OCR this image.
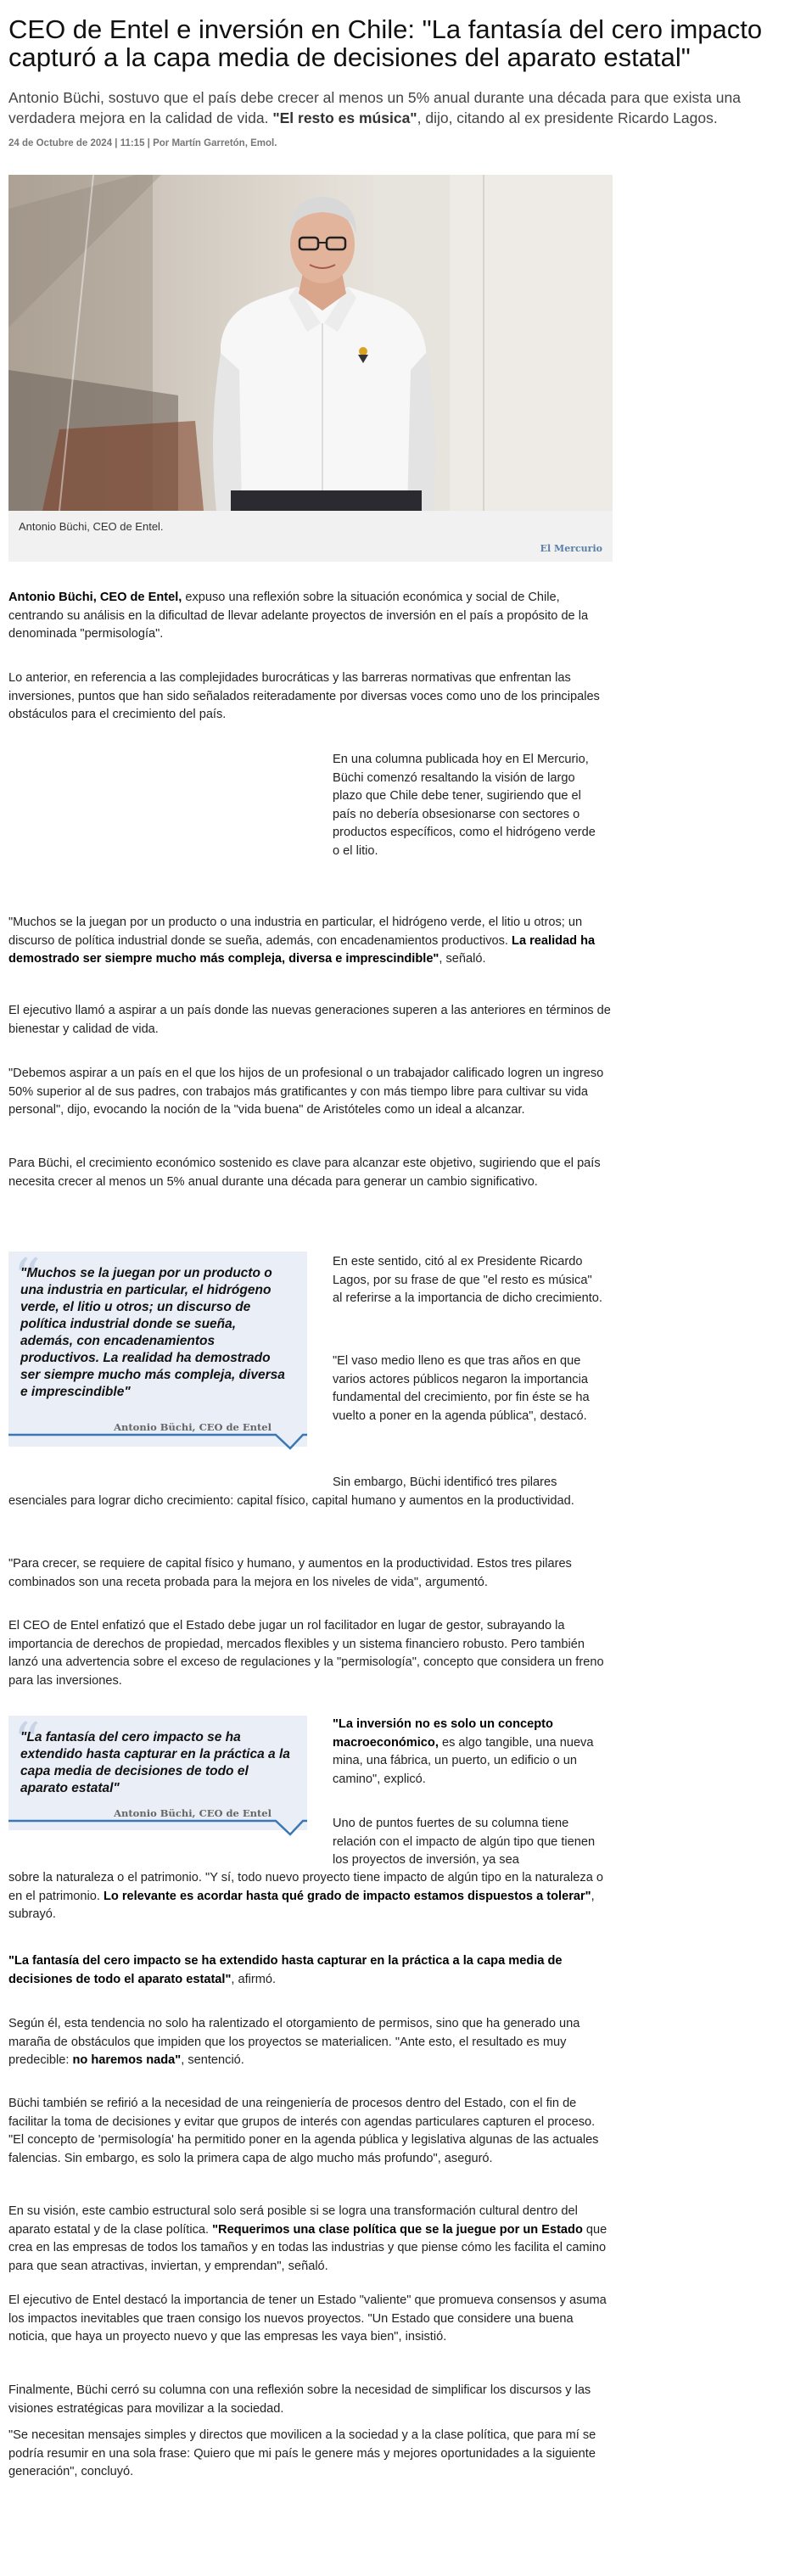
CEO de Entel e inversión en Chile: "La fantasía del cero impacto capturó a la capa media de decisiones del aparato estatal"

Antonio Büchi, sostuvo que el país debe crecer al menos un 5% anual durante una década para que exista una verdadera mejora en la calidad de vida. "El resto es música", dijo, citando al ex presidente Ricardo Lagos.

24 de Octubre de 2024 | 11:15 | Por Martín Garretón, Emol.
Antonio Büchi, CEO de Entel.
El Mercurio

Antonio Büchi, CEO de Entel, expuso una reflexión sobre la situación económica y social de Chile, centrando su análisis en la dificultad de llevar adelante proyectos de inversión en el país a propósito de la denominada "permisología".

Lo anterior, en referencia a las complejidades burocráticas y las barreras normativas que enfrentan las inversiones, puntos que han sido señalados reiteradamente por diversas voces como uno de los principales obstáculos para el crecimiento del país.

En una columna publicada hoy en El Mercurio, Büchi comenzó resaltando la visión de largo plazo que Chile debe tener, sugiriendo que el país no debería obsesionarse con sectores o productos específicos, como el hidrógeno verde o el litio.

"Muchos se la juegan por un producto o una industria en particular, el hidrógeno verde, el litio u otros; un discurso de política industrial donde se sueña, además, con encadenamientos productivos. La realidad ha demostrado ser siempre mucho más compleja, diversa e imprescindible", señaló.

El ejecutivo llamó a aspirar a un país donde las nuevas generaciones superen a las anteriores en términos de bienestar y calidad de vida.

"Debemos aspirar a un país en el que los hijos de un profesional o un trabajador calificado logren un ingreso 50% superior al de sus padres, con trabajos más gratificantes y con más tiempo libre para cultivar su vida personal", dijo, evocando la noción de la "vida buena" de Aristóteles como un ideal a alcanzar.

Para Büchi, el crecimiento económico sostenido es clave para alcanzar este objetivo, sugiriendo que el país necesita crecer al menos un 5% anual durante una década para generar un cambio significativo.

“

"Muchos se la juegan por un producto o una industria en particular, el hidrógeno verde, el litio u otros; un discurso de política industrial donde se sueña, además, con encadenamientos productivos. La realidad ha demostrado ser siempre mucho más compleja, diversa e imprescindible"

Antonio Büchi, CEO de Entel

En este sentido, citó al ex Presidente Ricardo Lagos, por su frase de que "el resto es música" al referirse a la importancia de dicho crecimiento.

"El vaso medio lleno es que tras años en que varios actores públicos negaron la importancia fundamental del crecimiento, por fin éste se ha vuelto a poner en la agenda pública", destacó.

Sin embargo, Büchi identificó tres pilares

esenciales para lograr dicho crecimiento: capital físico, capital humano y aumentos en la productividad.

"Para crecer, se requiere de capital físico y humano, y aumentos en la productividad. Estos tres pilares combinados son una receta probada para la mejora en los niveles de vida", argumentó.

El CEO de Entel enfatizó que el Estado debe jugar un rol facilitador en lugar de gestor, subrayando la importancia de derechos de propiedad, mercados flexibles y un sistema financiero robusto. Pero también lanzó una advertencia sobre el exceso de regulaciones y la "permisología", concepto que considera un freno para las inversiones.

“

"La fantasía del cero impacto se ha extendido hasta capturar en la práctica a la capa media de decisiones de todo el aparato estatal"

Antonio Büchi, CEO de Entel

"La inversión no es solo un concepto macroeconómico, es algo tangible, una nueva mina, una fábrica, un puerto, un edificio o un camino", explicó.

Uno de puntos fuertes de su columna tiene relación con el impacto de algún tipo que tienen los proyectos de inversión, ya sea

sobre la naturaleza o el patrimonio. "Y sí, todo nuevo proyecto tiene impacto de algún tipo en la naturaleza o en el patrimonio. Lo relevante es acordar hasta qué grado de impacto estamos dispuestos a tolerar", subrayó.

"La fantasía del cero impacto se ha extendido hasta capturar en la práctica a la capa media de decisiones de todo el aparato estatal", afirmó.

Según él, esta tendencia no solo ha ralentizado el otorgamiento de permisos, sino que ha generado una maraña de obstáculos que impiden que los proyectos se materialicen. "Ante esto, el resultado es muy predecible: no haremos nada", sentenció.

Büchi también se refirió a la necesidad de una reingeniería de procesos dentro del Estado, con el fin de facilitar la toma de decisiones y evitar que grupos de interés con agendas particulares capturen el proceso. "El concepto de 'permisología' ha permitido poner en la agenda pública y legislativa algunas de las actuales falencias. Sin embargo, es solo la primera capa de algo mucho más profundo", aseguró.

En su visión, este cambio estructural solo será posible si se logra una transformación cultural dentro del aparato estatal y de la clase política. "Requerimos una clase política que se la juegue por un Estado que crea en las empresas de todos los tamaños y en todas las industrias y que piense cómo les facilita el camino para que sean atractivas, inviertan, y emprendan", señaló.

El ejecutivo de Entel destacó la importancia de tener un Estado "valiente" que promueva consensos y asuma los impactos inevitables que traen consigo los nuevos proyectos. "Un Estado que considere una buena noticia, que haya un proyecto nuevo y que las empresas les vaya bien", insistió.

Finalmente, Büchi cerró su columna con una reflexión sobre la necesidad de simplificar los discursos y las visiones estratégicas para movilizar a la sociedad.

"Se necesitan mensajes simples y directos que movilicen a la sociedad y a la clase política, que para mí se podría resumir en una sola frase: Quiero que mi país le genere más y mejores oportunidades a la siguiente generación", concluyó.
